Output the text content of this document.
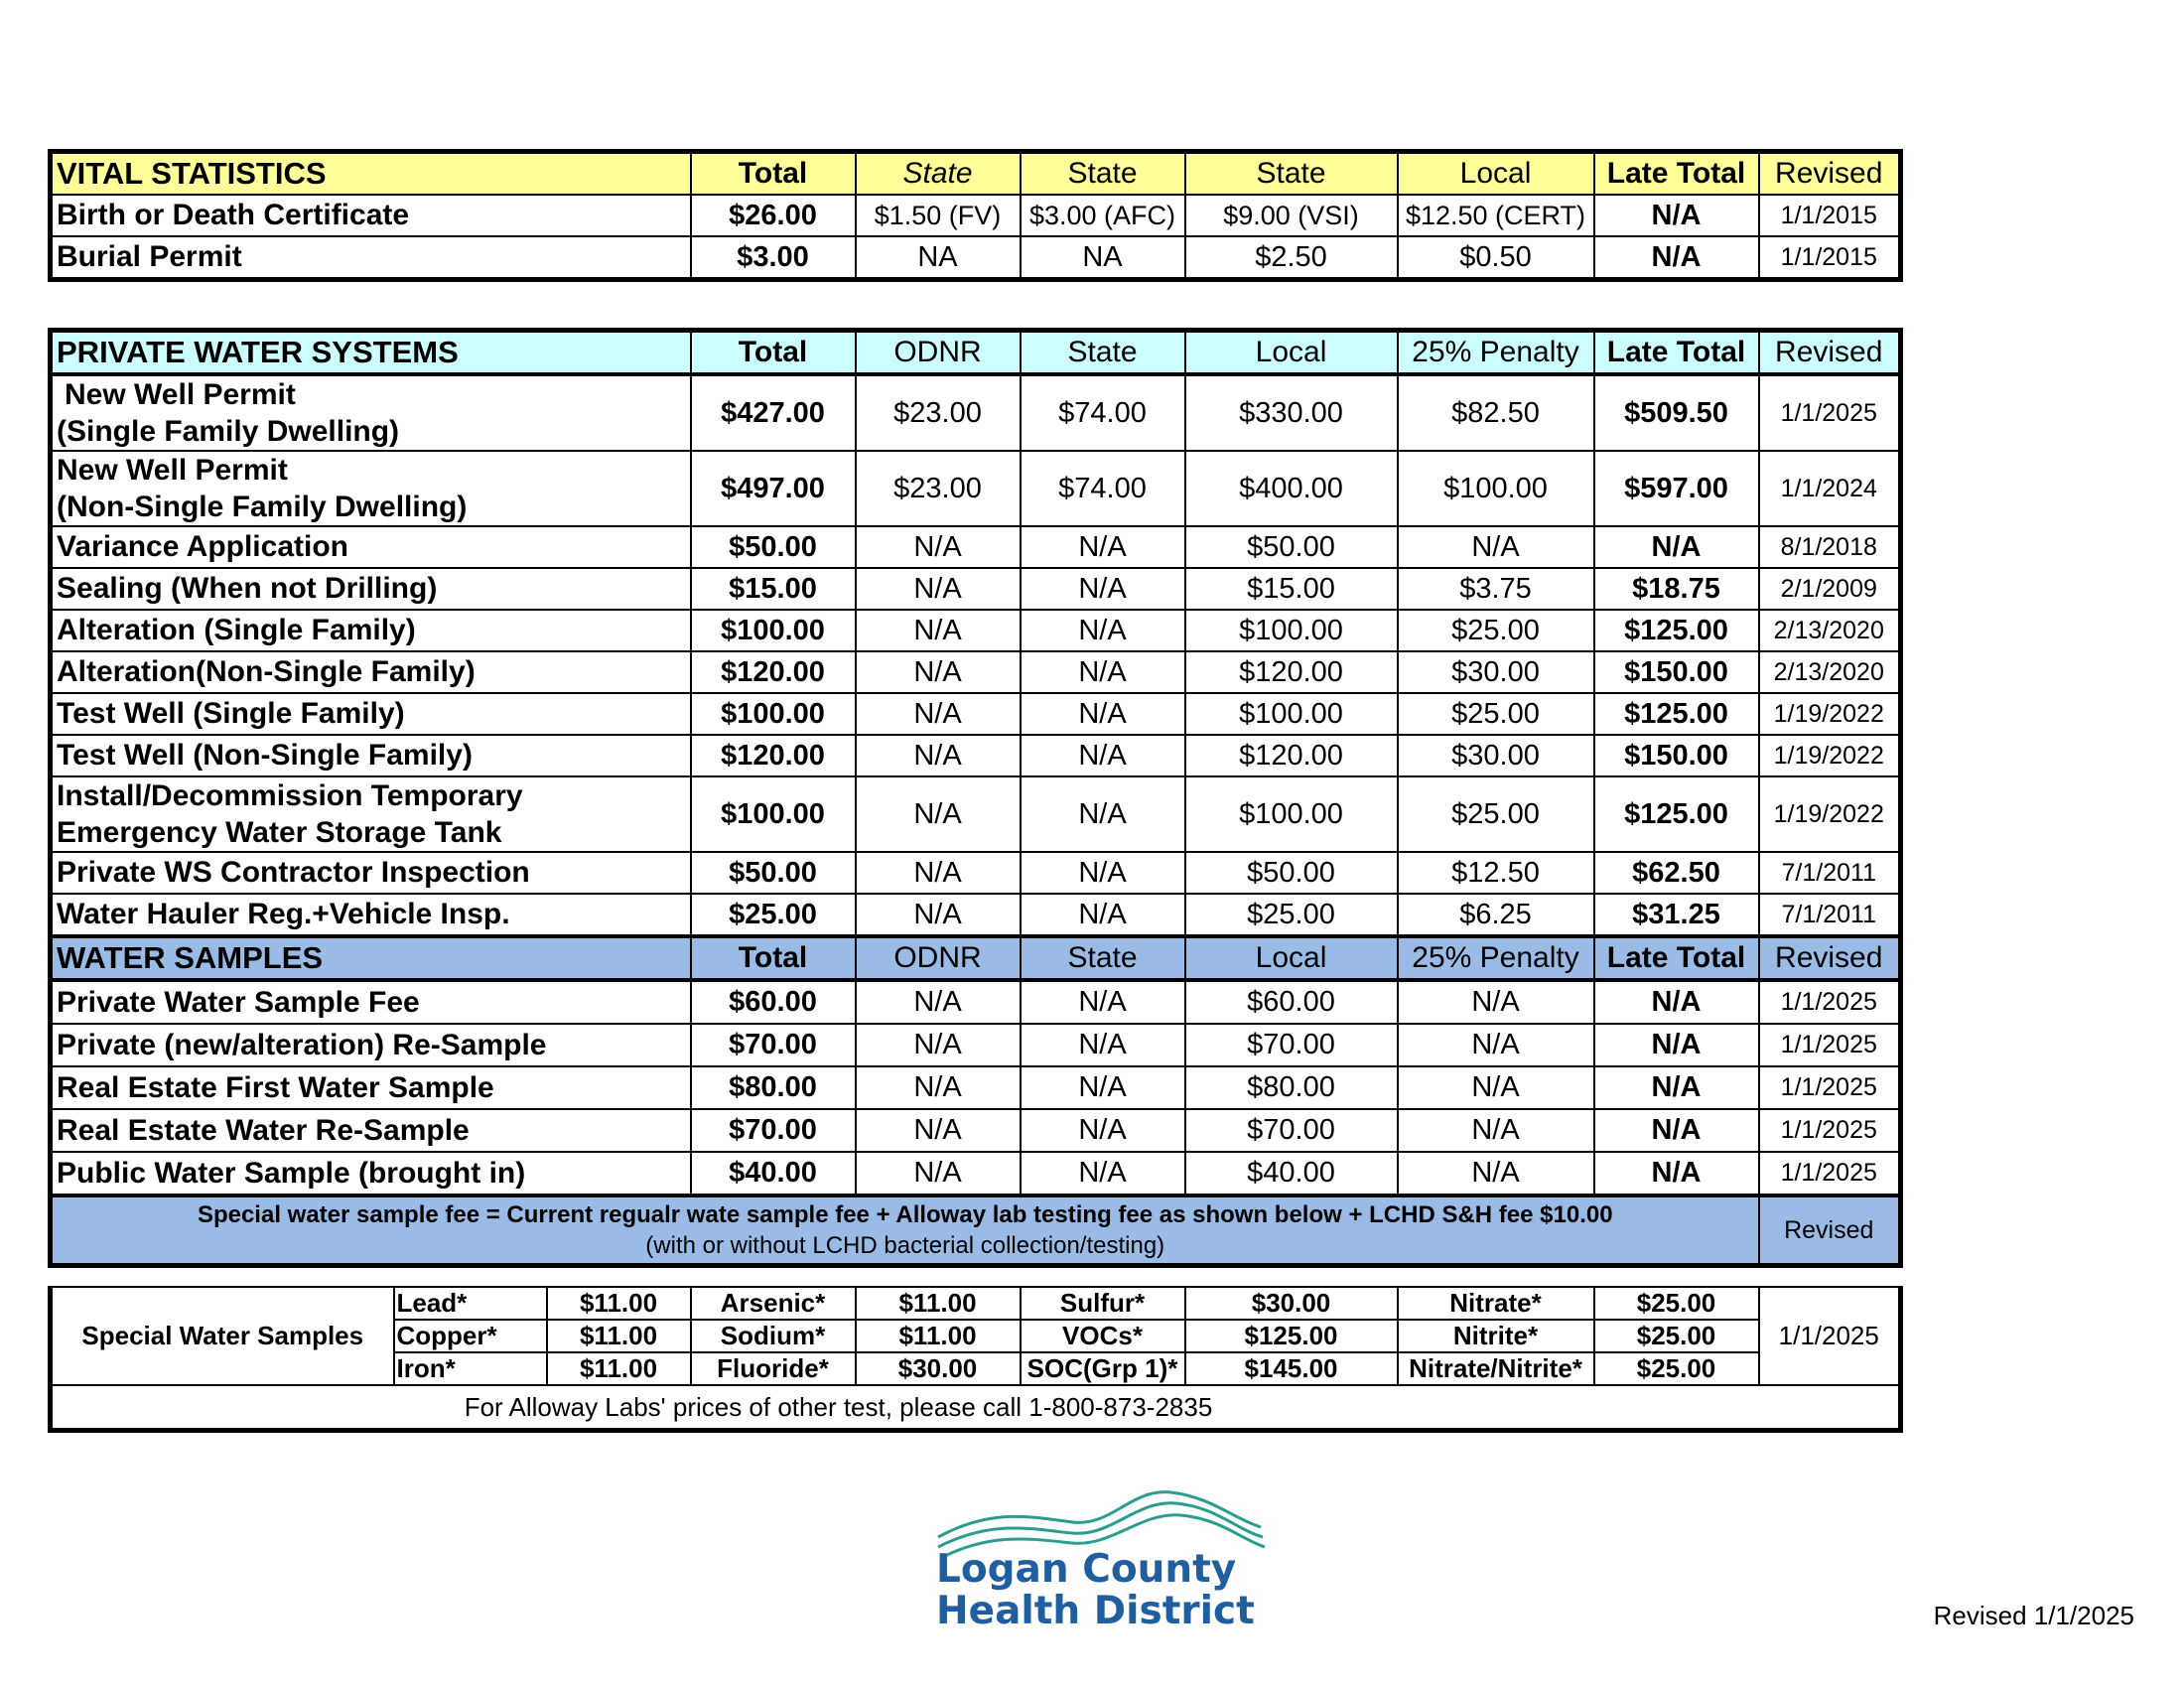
VITAL STATISTICS	Total	State	State	State	Local	Late Total	Revised
Birth or Death Certificate	$26.00	$1.50 (FV)	$3.00 (AFC)	$9.00 (VSI)	$12.50 (CERT)	N/A	1/1/2015
Burial Permit	$3.00	NA	NA	$2.50	$0.50	N/A	1/1/2015
PRIVATE WATER SYSTEMS	Total	ODNR	State	Local	25% Penalty	Late Total	Revised
New Well Permit
(Single Family Dwelling)	$427.00	$23.00	$74.00	$330.00	$82.50	$509.50	1/1/2025
New Well Permit
(Non-Single Family Dwelling)	$497.00	$23.00	$74.00	$400.00	$100.00	$597.00	1/1/2024
Variance Application	$50.00	N/A	N/A	$50.00	N/A	N/A	8/1/2018
Sealing (When not Drilling)	$15.00	N/A	N/A	$15.00	$3.75	$18.75	2/1/2009
Alteration (Single Family)	$100.00	N/A	N/A	$100.00	$25.00	$125.00	2/13/2020
Alteration(Non-Single Family)	$120.00	N/A	N/A	$120.00	$30.00	$150.00	2/13/2020
Test Well (Single Family)	$100.00	N/A	N/A	$100.00	$25.00	$125.00	1/19/2022
Test Well (Non-Single Family)	$120.00	N/A	N/A	$120.00	$30.00	$150.00	1/19/2022
Install/Decommission Temporary
Emergency Water Storage Tank	$100.00	N/A	N/A	$100.00	$25.00	$125.00	1/19/2022
Private WS Contractor Inspection	$50.00	N/A	N/A	$50.00	$12.50	$62.50	7/1/2011
Water Hauler Reg.+Vehicle Insp.	$25.00	N/A	N/A	$25.00	$6.25	$31.25	7/1/2011
WATER SAMPLES	Total	ODNR	State	Local	25% Penalty	Late Total	Revised
Private Water Sample Fee	$60.00	N/A	N/A	$60.00	N/A	N/A	1/1/2025
Private (new/alteration) Re-Sample	$70.00	N/A	N/A	$70.00	N/A	N/A	1/1/2025
Real Estate First Water Sample	$80.00	N/A	N/A	$80.00	N/A	N/A	1/1/2025
Real Estate Water Re-Sample	$70.00	N/A	N/A	$70.00	N/A	N/A	1/1/2025
Public Water Sample (brought in)	$40.00	N/A	N/A	$40.00	N/A	N/A	1/1/2025
Special water sample fee = Current regualr wate sample fee + Alloway lab testing fee as shown below + LCHD S&H fee $10.00
(with or without LCHD bacterial collection/testing)							Revised
Special Water Samples	Lead*	$11.00	Arsenic*	$11.00	Sulfur*	$30.00	Nitrate*	$25.00	1/1/2025
	Copper*	$11.00	Sodium*	$11.00	VOCs*	$125.00	Nitrite*	$25.00	
	Iron*	$11.00	Fluoride*	$30.00	SOC(Grp 1)*	$145.00	Nitrate/Nitrite*	$25.00	
For Alloway Labs' prices of other test, please call 1-800-873-2835									
Logan County
Health District	Revised 1/1/2025
